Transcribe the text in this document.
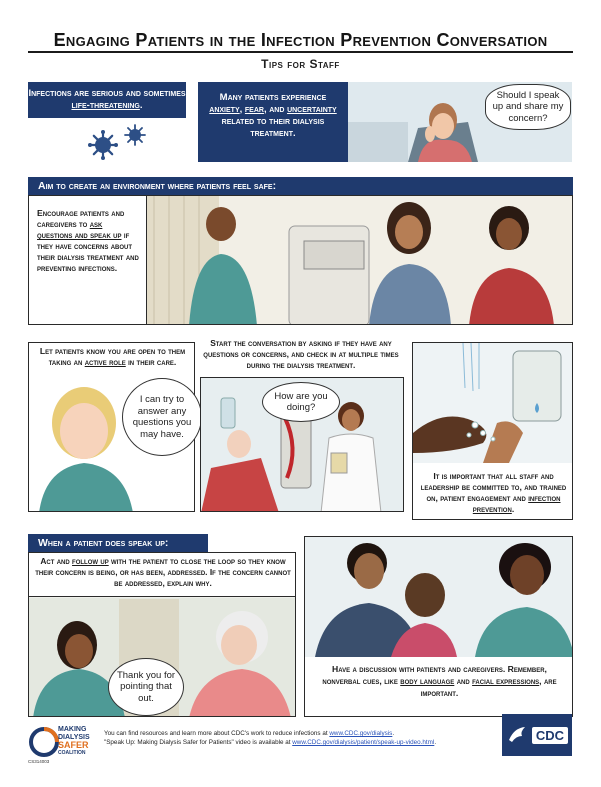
Engaging Patients in the Infection Prevention Conversation
Tips for Staff
Infections are serious and sometimes life-threatening.
Many patients experience anxiety, fear, and uncertainty related to their dialysis treatment.
Should I speak up and share my concern?
Aim to create an environment where patients feel safe:
Encourage patients and caregivers to ask questions and speak up if they have concerns about their dialysis treatment and preventing infections.
Let patients know you are open to them taking an active role in their care.
I can try to answer any questions you may have.
Start the conversation by asking if they have any questions or concerns, and check in at multiple times during the dialysis treatment.
How are you doing?
It is important that all staff and leadership be committed to, and trained on, patient engagement and infection prevention.
When a patient does speak up:
Act and follow up with the patient to close the loop so they know their concern is being, or has been, addressed. If the concern cannot be addressed, explain why.
Thank you for pointing that out.
Have a discussion with patients and caregivers. Remember, nonverbal cues, like body language and facial expressions, are important.
MAKING
DIALYSIS
SAFER
COALITION
CS314003
You can find resources and learn more about CDC's work to reduce infections at www.CDC.gov/dialysis.
"Speak Up: Making Dialysis Safer for Patients" video is available at www.CDC.gov/dialysis/patient/speak-up-video.html.	CDC
